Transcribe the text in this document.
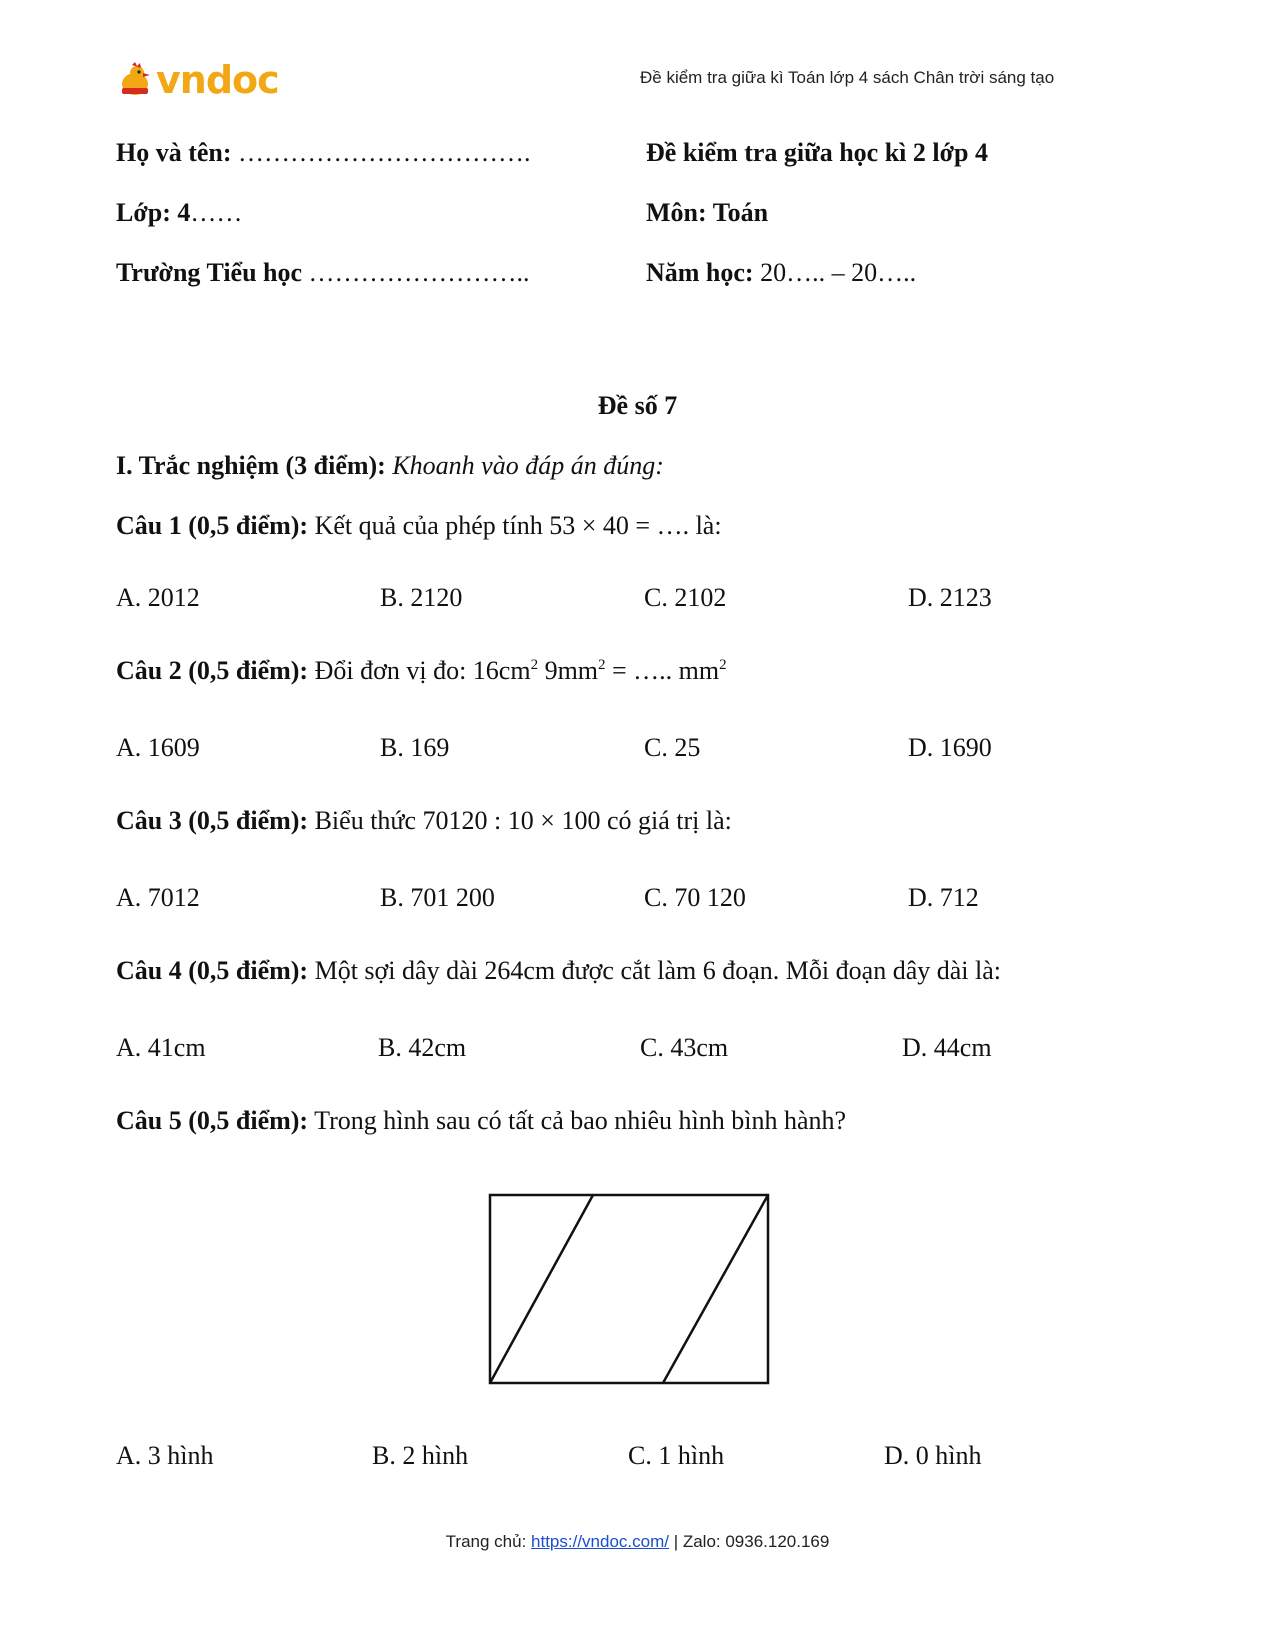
vndoc	Đề kiểm tra giữa kì Toán lớp 4 sách Chân trời sáng tạo
Họ và tên: …………………………….
Lớp: 4……
Trường Tiểu học ……………………..
Đề kiểm tra giữa học kì 2 lớp 4
Môn: Toán
Năm học: 20….. – 20…..
Đề số 7
I. Trắc nghiệm (3 điểm): Khoanh vào đáp án đúng:
Câu 1 (0,5 điểm): Kết quả của phép tính 53 × 40 = …. là:
A. 2012	B. 2120	C. 2102	D. 2123
Câu 2 (0,5 điểm): Đổi đơn vị đo: $16cm^2$ $9mm^2$ = ….. $mm^2$
A. 1609	B. 169	C. 25	D. 1690
Câu 3 (0,5 điểm): Biểu thức 70120 : 10 × 100 có giá trị là:
A. 7012	B. 701 200	C. 70 120	D. 712
Câu 4 (0,5 điểm): Một sợi dây dài 264cm được cắt làm 6 đoạn. Mỗi đoạn dây dài là:
A. 41cm	B. 42cm	C. 43cm	D. 44cm
Câu 5 (0,5 điểm): Trong hình sau có tất cả bao nhiêu hình bình hành?
A. 3 hình	B. 2 hình	C. 1 hình	D. 0 hình
Trang chủ: https://vndoc.com/ | Zalo: 0936.120.169
